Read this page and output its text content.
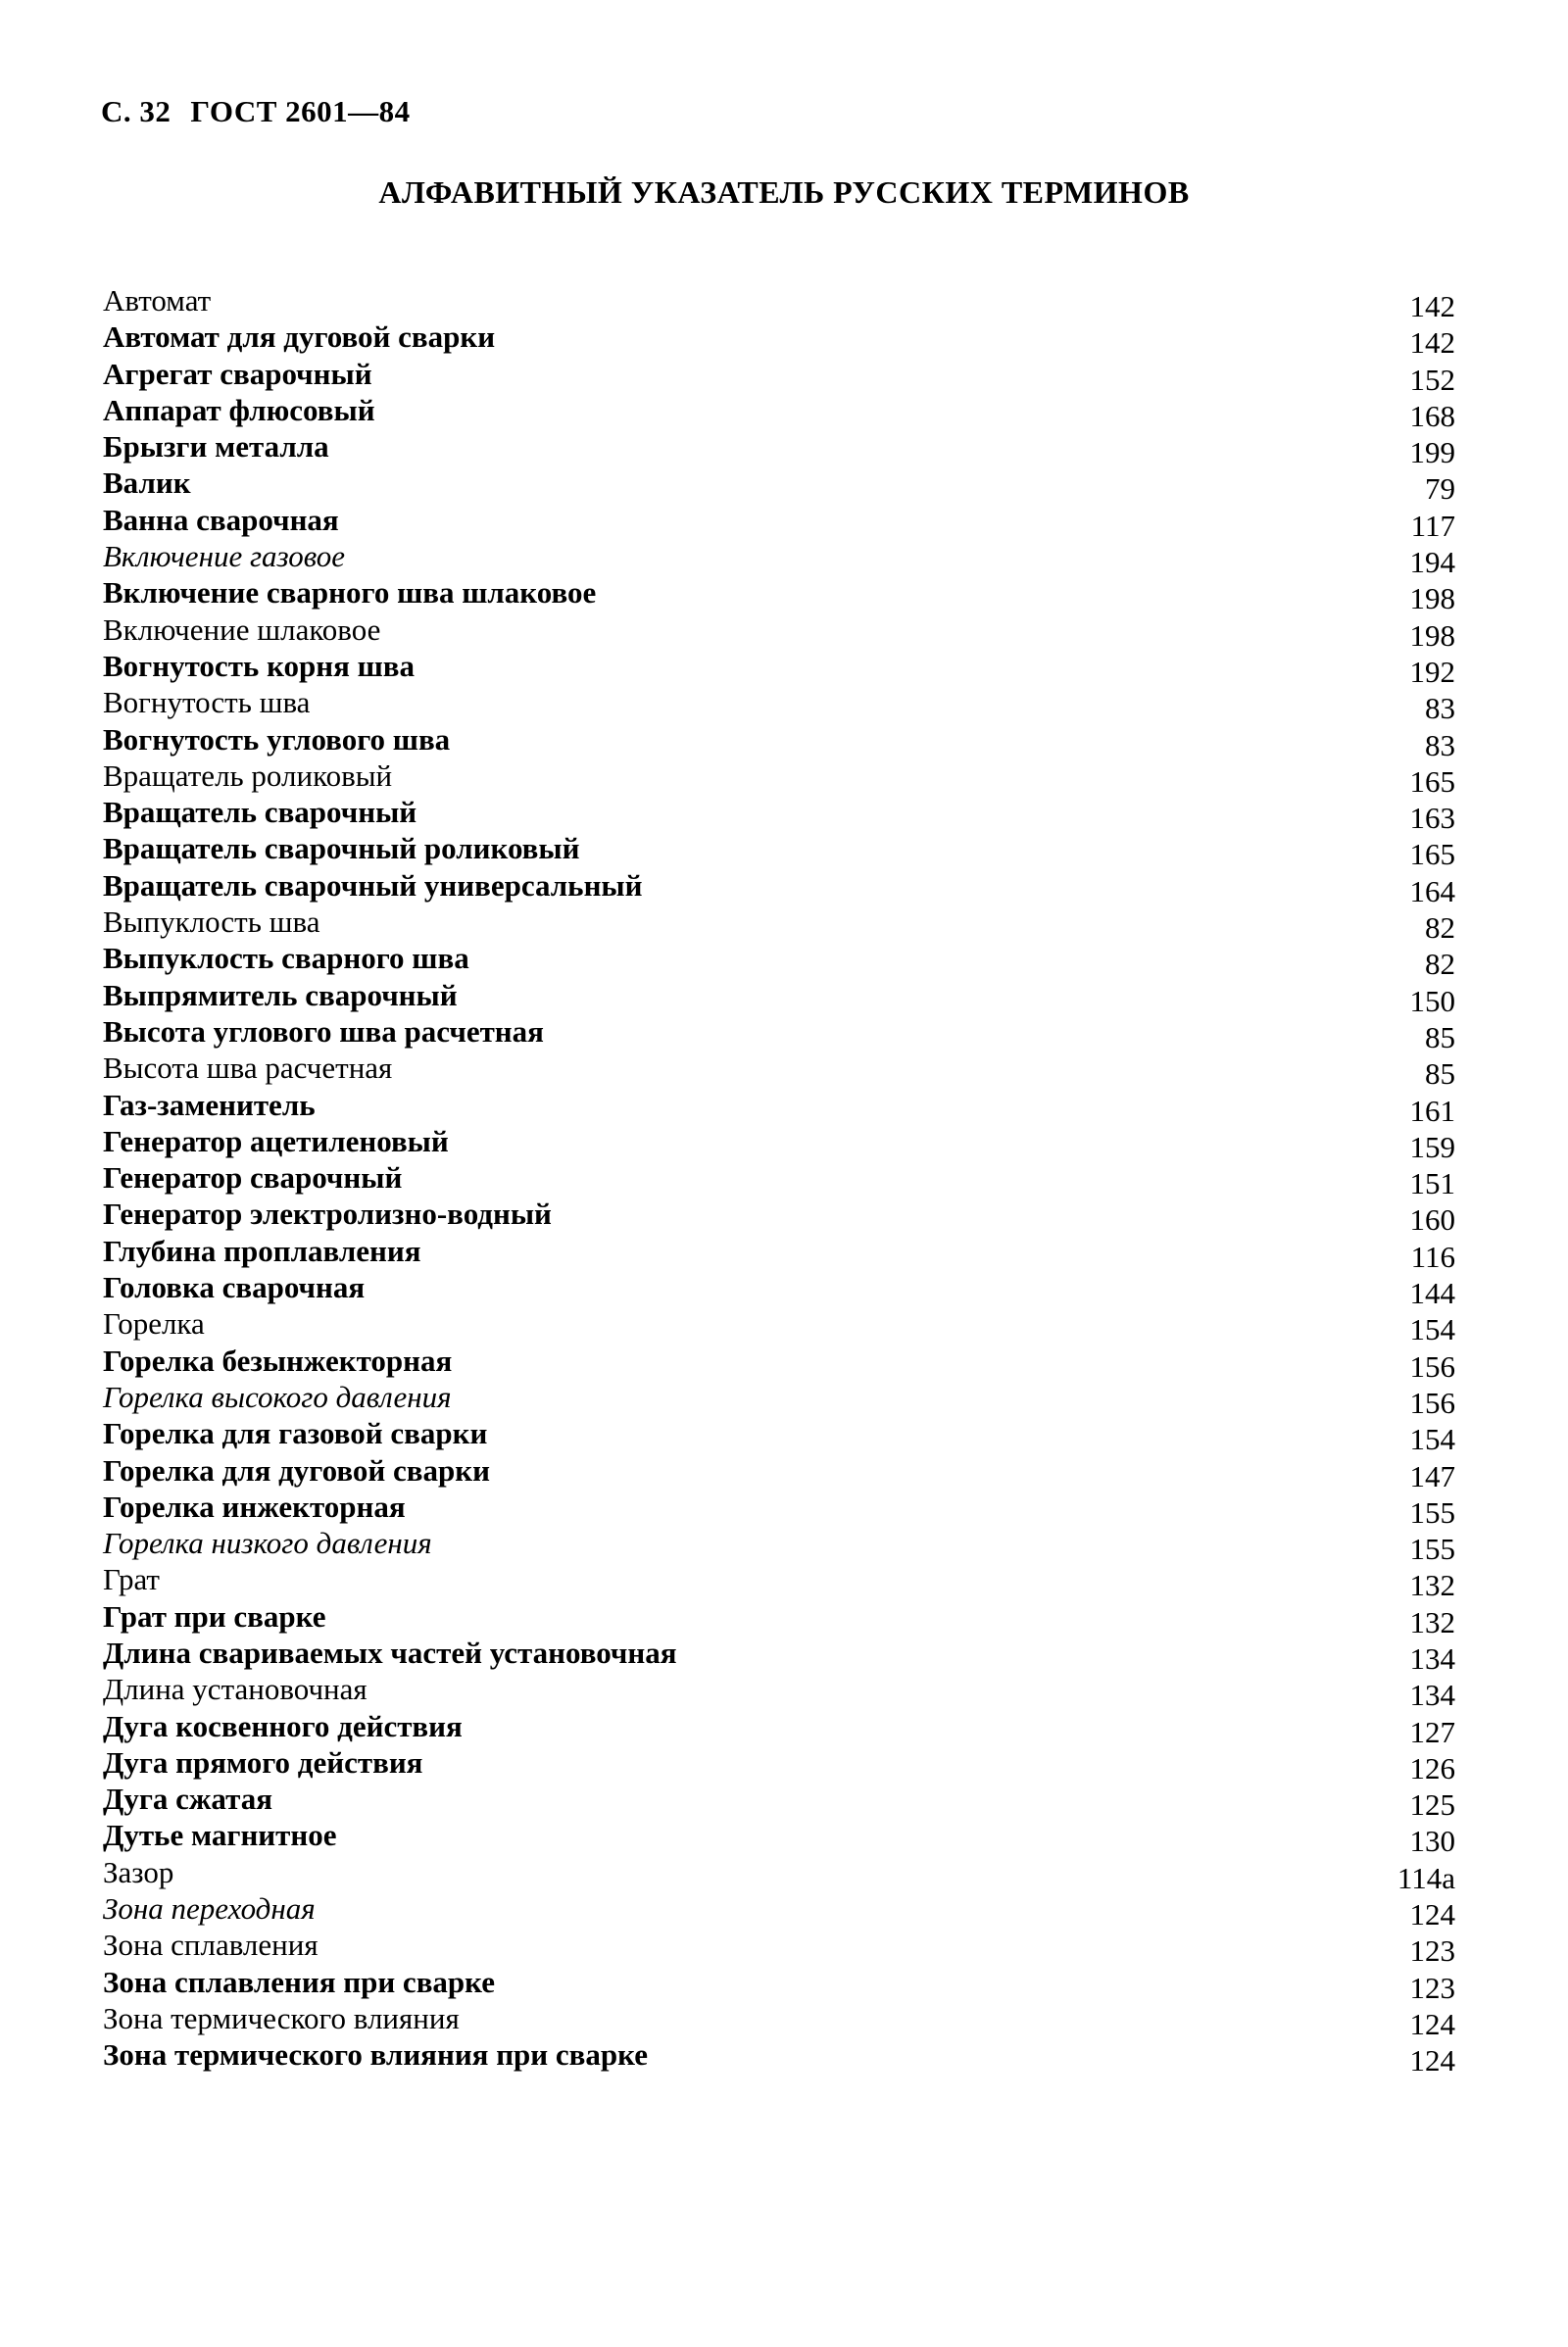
С. 32 ГОСТ 2601—84
АЛФАВИТНЫЙ УКАЗАТЕЛЬ РУССКИХ ТЕРМИНОВ
Автомат	142
Автомат для дуговой сварки	142
Агрегат сварочный	152
Аппарат флюсовый	168
Брызги металла	199
Валик	79
Ванна сварочная	117
Включение газовое	194
Включение сварного шва шлаковое	198
Включение шлаковое	198
Вогнутость корня шва	192
Вогнутость шва	83
Вогнутость углового шва	83
Вращатель роликовый	165
Вращатель сварочный	163
Вращатель сварочный роликовый	165
Вращатель сварочный универсальный	164
Выпуклость шва	82
Выпуклость сварного шва	82
Выпрямитель сварочный	150
Высота углового шва расчетная	85
Высота шва расчетная	85
Газ-заменитель	161
Генератор ацетиленовый	159
Генератор сварочный	151
Генератор электролизно-водный	160
Глубина проплавления	116
Головка сварочная	144
Горелка	154
Горелка безынжекторная	156
Горелка высокого давления	156
Горелка для газовой сварки	154
Горелка для дуговой сварки	147
Горелка инжекторная	155
Горелка низкого давления	155
Грат	132
Грат при сварке	132
Длина свариваемых частей установочная	134
Длина установочная	134
Дуга косвенного действия	127
Дуга прямого действия	126
Дуга сжатая	125
Дутье магнитное	130
Зазор	114а
Зона переходная	124
Зона сплавления	123
Зона сплавления при сварке	123
Зона термического влияния	124
Зона термического влияния при сварке	124
